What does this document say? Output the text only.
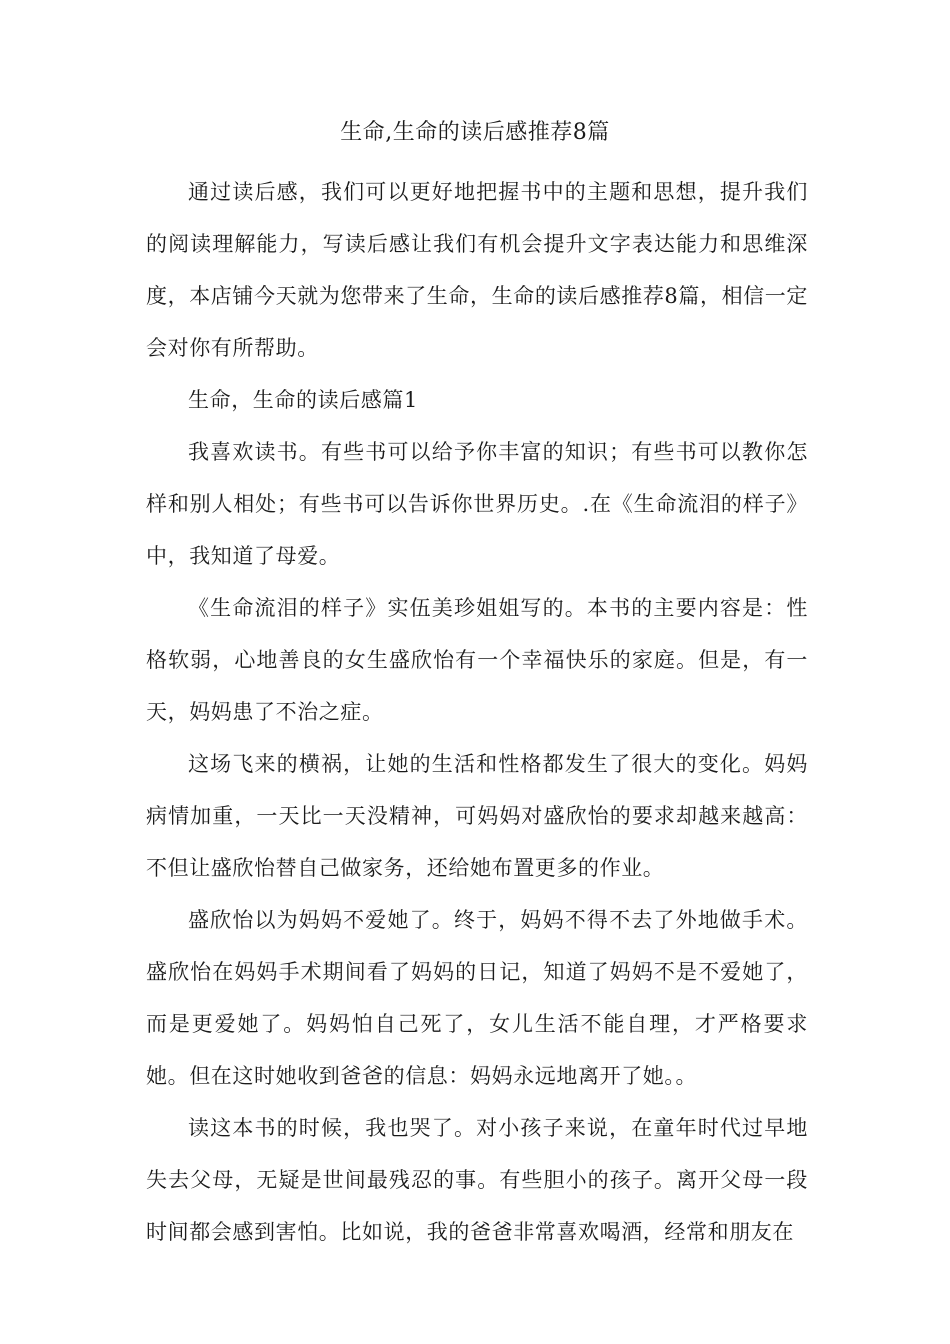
生命,生命的读后感推荐8篇

通过读后感，我们可以更好地把握书中的主题和思想，提升我们的阅读理解能力，写读后感让我们有机会提升文字表达能力和思维深度，本店铺今天就为您带来了生命，生命的读后感推荐8篇，相信一定会对你有所帮助。

生命，生命的读后感篇1

我喜欢读书。有些书可以给予你丰富的知识；有些书可以教你怎样和别人相处；有些书可以告诉你世界历史。.在《生命流泪的样子》中，我知道了母爱。

《生命流泪的样子》实伍美珍姐姐写的。本书的主要内容是：性格软弱，心地善良的女生盛欣怡有一个幸福快乐的家庭。但是，有一天，妈妈患了不治之症。

这场飞来的横祸，让她的生活和性格都发生了很大的变化。妈妈病情加重，一天比一天没精神，可妈妈对盛欣怡的要求却越来越高：不但让盛欣怡替自己做家务，还给她布置更多的作业。

盛欣怡以为妈妈不爱她了。终于，妈妈不得不去了外地做手术。盛欣怡在妈妈手术期间看了妈妈的日记，知道了妈妈不是不爱她了，而是更爱她了。妈妈怕自己死了，女儿生活不能自理，才严格要求她。但在这时她收到爸爸的信息：妈妈永远地离开了她。。

读这本书的时候，我也哭了。对小孩子来说，在童年时代过早地失去父母，无疑是世间最残忍的事。有些胆小的孩子。离开父母一段时间都会感到害怕。比如说，我的爸爸非常喜欢喝酒，经常和朋友在
